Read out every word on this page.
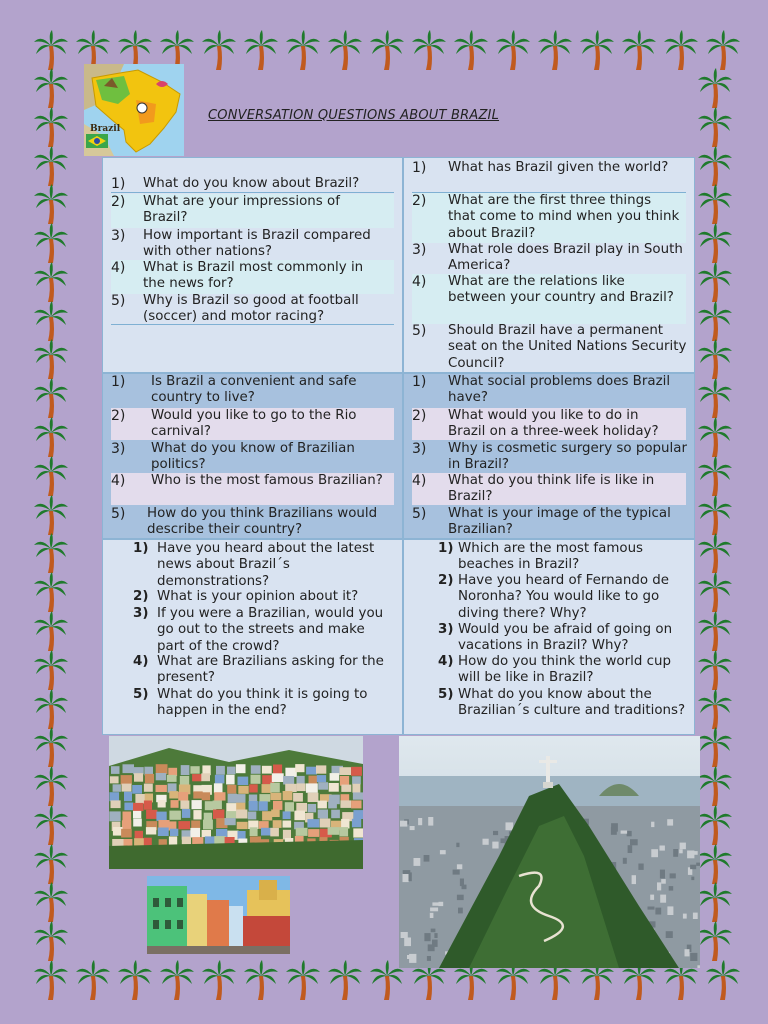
Brazil
CONVERSATION QUESTIONS ABOUT BRAZIL
1) What do you know about Brazil?
2) What are your impressions of Brazil?
3) How important is Brazil compared with other nations?
4) What is Brazil most commonly in the news for?
5) Why is Brazil so good at football (soccer) and motor racing?
1) What has Brazil given the world?
2) What are the first three things that come to mind when you think about Brazil?
3) What role does Brazil play in South America?
4) What are the relations like between your country and Brazil?
5) Should Brazil have a permanent seat on the United Nations Security Council?
1) Is Brazil a convenient and safe country to live?
2) Would you like to go to the Rio carnival?
3) What do you know of Brazilian politics?
4) Who is the most famous Brazilian?
5) How do you think Brazilians would describe their country?
1) What social problems does Brazil have?
2) What would you like to do in Brazil on a three-week holiday?
3) Why is cosmetic surgery so popular in Brazil?
4) What do you think life is like in Brazil?
5) What is your image of the typical Brazilian?
1) Have you heard about the latest news about Brazil´s demonstrations?
2) What is your opinion about it?
3) If you were a Brazilian, would you go out to the streets and make part of the crowd?
4) What are Brazilians asking for the present?
5) What do you think it is going to happen in the end?
1) Which are the most famous beaches in Brazil?
2) Have you heard of Fernando de Noronha? You would like to go diving there? Why?
3) Would you be afraid of going on vacations in Brazil? Why?
4) How do you think the world cup will be like in Brazil?
5) What do you know about the Brazilian´s culture and traditions?
